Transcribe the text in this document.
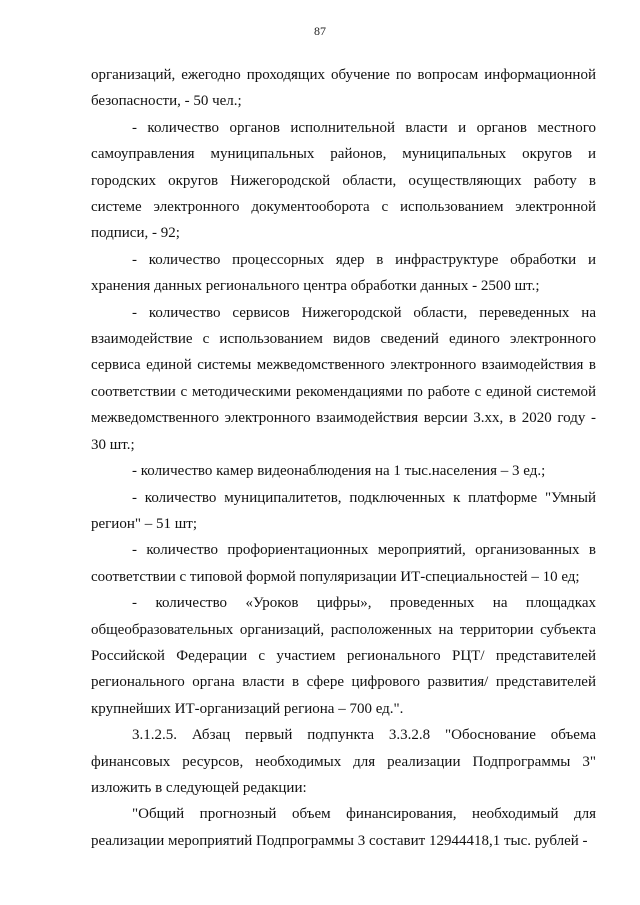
87

организаций, ежегодно проходящих обучение по вопросам информационной безопасности, - 50 чел.;

- количество органов исполнительной власти и органов местного самоуправления муниципальных районов, муниципальных округов и городских округов Нижегородской области, осуществляющих работу в системе электронного документооборота с использованием электронной подписи, - 92;

- количество процессорных ядер в инфраструктуре обработки и хранения данных регионального центра обработки данных - 2500 шт.;

- количество сервисов Нижегородской области, переведенных на взаимодействие с использованием видов сведений единого электронного сервиса единой системы межведомственного электронного взаимодействия в соответствии с методическими рекомендациями по работе с единой системой межведомственного электронного взаимодействия версии 3.хх, в 2020 году - 30 шт.;

- количество камер видеонаблюдения на 1 тыс.населения – 3 ед.;

- количество муниципалитетов, подключенных к платформе "Умный регион" – 51 шт;

- количество профориентационных мероприятий, организованных в соответствии с типовой формой популяризации ИТ-специальностей – 10 ед;

- количество «Уроков цифры», проведенных на площадках общеобразовательных организаций, расположенных на территории субъекта Российской Федерации с участием регионального РЦТ/ представителей регионального органа власти в сфере цифрового развития/ представителей крупнейших ИТ-организаций региона – 700 ед.".

3.1.2.5. Абзац первый подпункта 3.3.2.8 "Обоснование объема финансовых ресурсов, необходимых для реализации Подпрограммы 3" изложить в следующей редакции:

"Общий прогнозный объем финансирования, необходимый для реализации мероприятий Подпрограммы 3 составит 12944418,1 тыс. рублей -
